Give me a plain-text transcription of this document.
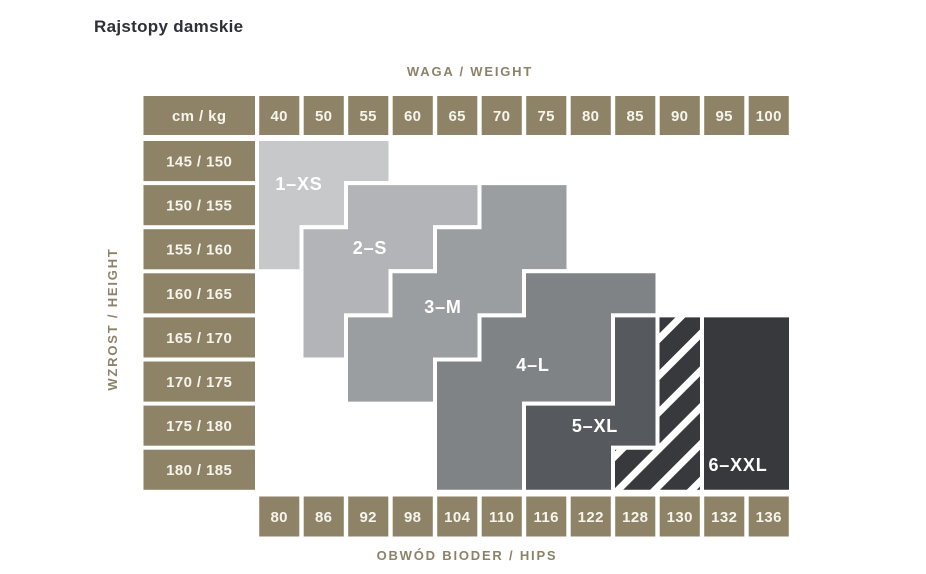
Rajstopy damskie
WAGA / WEIGHT
WZROST / HEIGHT
OBWÓD BIODER / HIPS
cm / kg	40 50 55 60 65 70 75 80 85 90 95 100
145 / 150
150 / 155
155 / 160
160 / 165
165 / 170
170 / 175
175 / 180
180 / 185
1–XS
2–S
3–M
4–L
5–XL
6–XXL
80 86 92 98 104 110 116 122 128 130 132 136
